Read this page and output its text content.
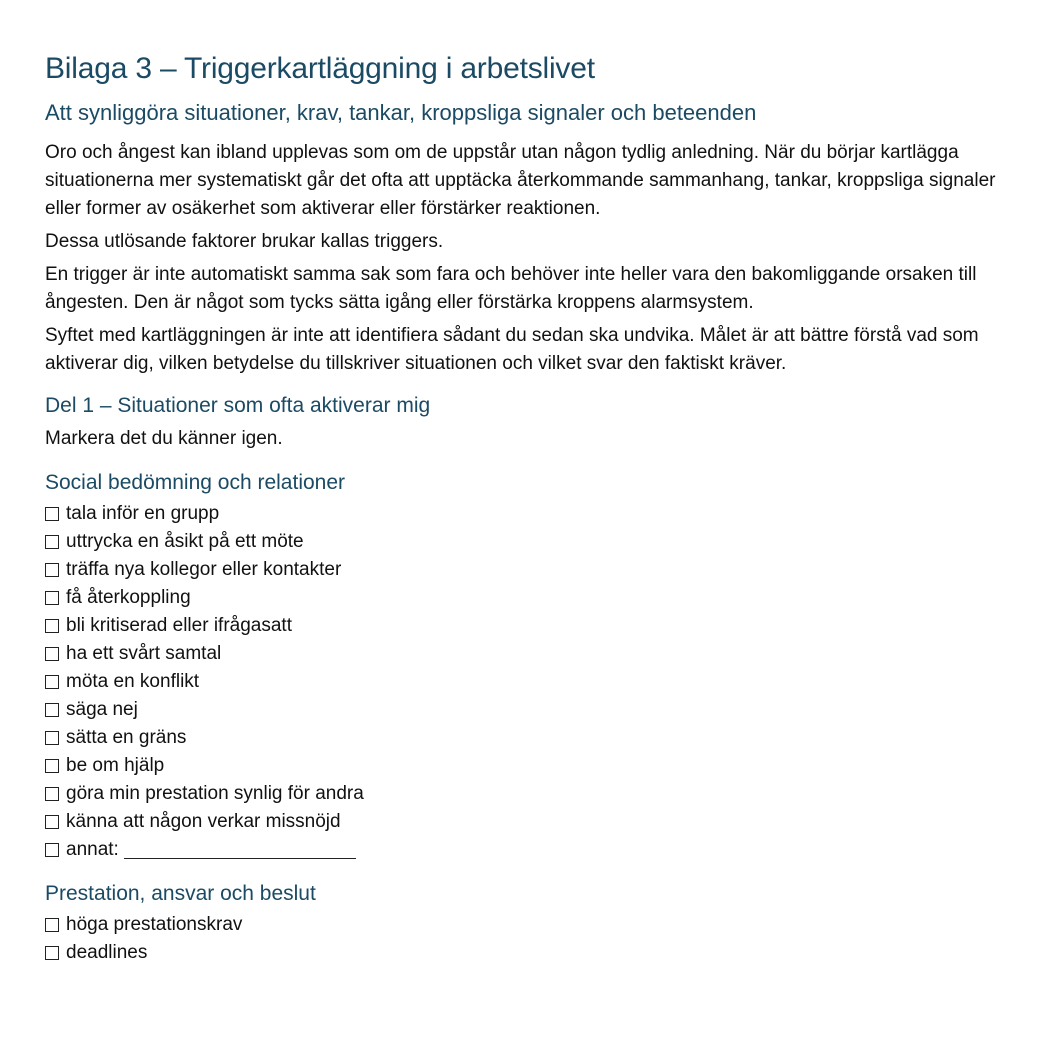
Bilaga 3 – Triggerkartläggning i arbetslivet
Att synliggöra situationer, krav, tankar, kroppsliga signaler och beteenden

Oro och ångest kan ibland upplevas som om de uppstår utan någon tydlig anledning. När du börjar kartlägga situationerna mer systematiskt går det ofta att upptäcka återkommande sammanhang, tankar, kroppsliga signaler eller former av osäkerhet som aktiverar eller förstärker reaktionen.

Dessa utlösande faktorer brukar kallas triggers.

En trigger är inte automatiskt samma sak som fara och behöver inte heller vara den bakomliggande orsaken till ångesten. Den är något som tycks sätta igång eller förstärka kroppens alarmsystem.

Syftet med kartläggningen är inte att identifiera sådant du sedan ska undvika. Målet är att bättre förstå vad som aktiverar dig, vilken betydelse du tillskriver situationen och vilket svar den faktiskt kräver.

Del 1 – Situationer som ofta aktiverar mig

Markera det du känner igen.

Social bedömning och relationer
tala inför en grupp
uttrycka en åsikt på ett möte
träffa nya kollegor eller kontakter
få återkoppling
bli kritiserad eller ifrågasatt
ha ett svårt samtal
möta en konflikt
säga nej
sätta en gräns
be om hjälp
göra min prestation synlig för andra
känna att någon verkar missnöjd
annat:
Prestation, ansvar och beslut
höga prestationskrav
deadlines
